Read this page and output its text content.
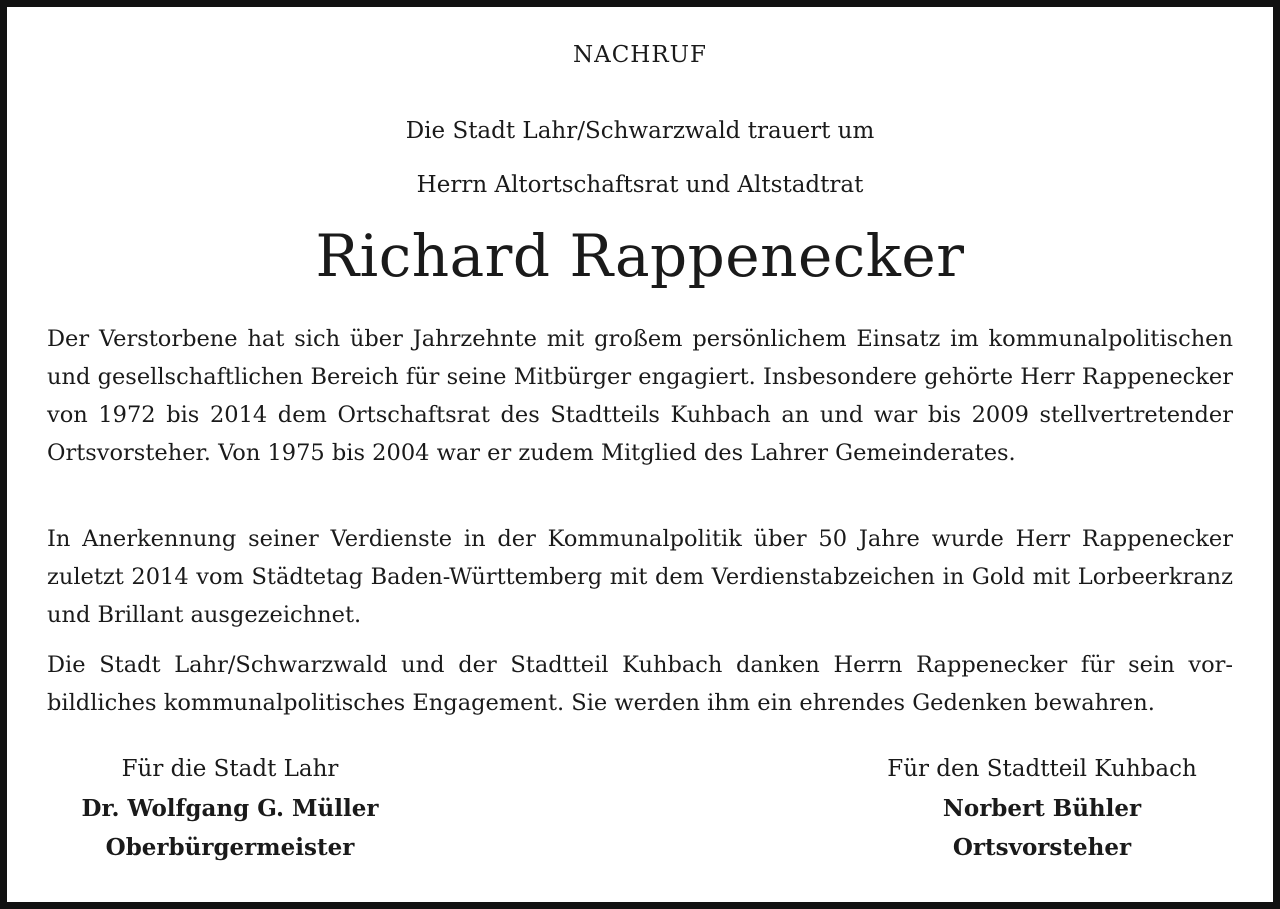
NACHRUF
Die Stadt Lahr/Schwarzwald trauert um
Herrn Altortschaftsrat und Altstadtrat
Richard Rappenecker

Der Verstorbene hat sich über Jahrzehnte mit großem persönlichem Einsatz im kommunalpolitischen und gesellschaftlichen Bereich für seine Mitbürger engagiert. Insbesondere gehörte Herr Rappenecker von 1972 bis 2014 dem Ortschaftsrat des Stadtteils Kuhbach an und war bis 2009 stellvertretender Ortsvorsteher. Von 1975 bis 2004 war er zudem Mitglied des Lahrer Gemeinderates.

In Anerkennung seiner Verdienste in der Kommunalpolitik über 50 Jahre wurde Herr Rappenecker zuletzt 2014 vom Städtetag Baden-Württemberg mit dem Verdienstabzeichen in Gold mit Lorbeerkranz und Brillant ausgezeichnet.

Die Stadt Lahr/Schwarzwald und der Stadtteil Kuhbach danken Herrn Rappenecker für sein vorbildliches kommunalpolitisches Engagement. Sie werden ihm ein ehrendes Gedenken bewahren.

Für die Stadt Lahr
Dr. Wolfgang G. Müller
Oberbürgermeister
Für den Stadtteil Kuhbach
Norbert Bühler
Ortsvorsteher
